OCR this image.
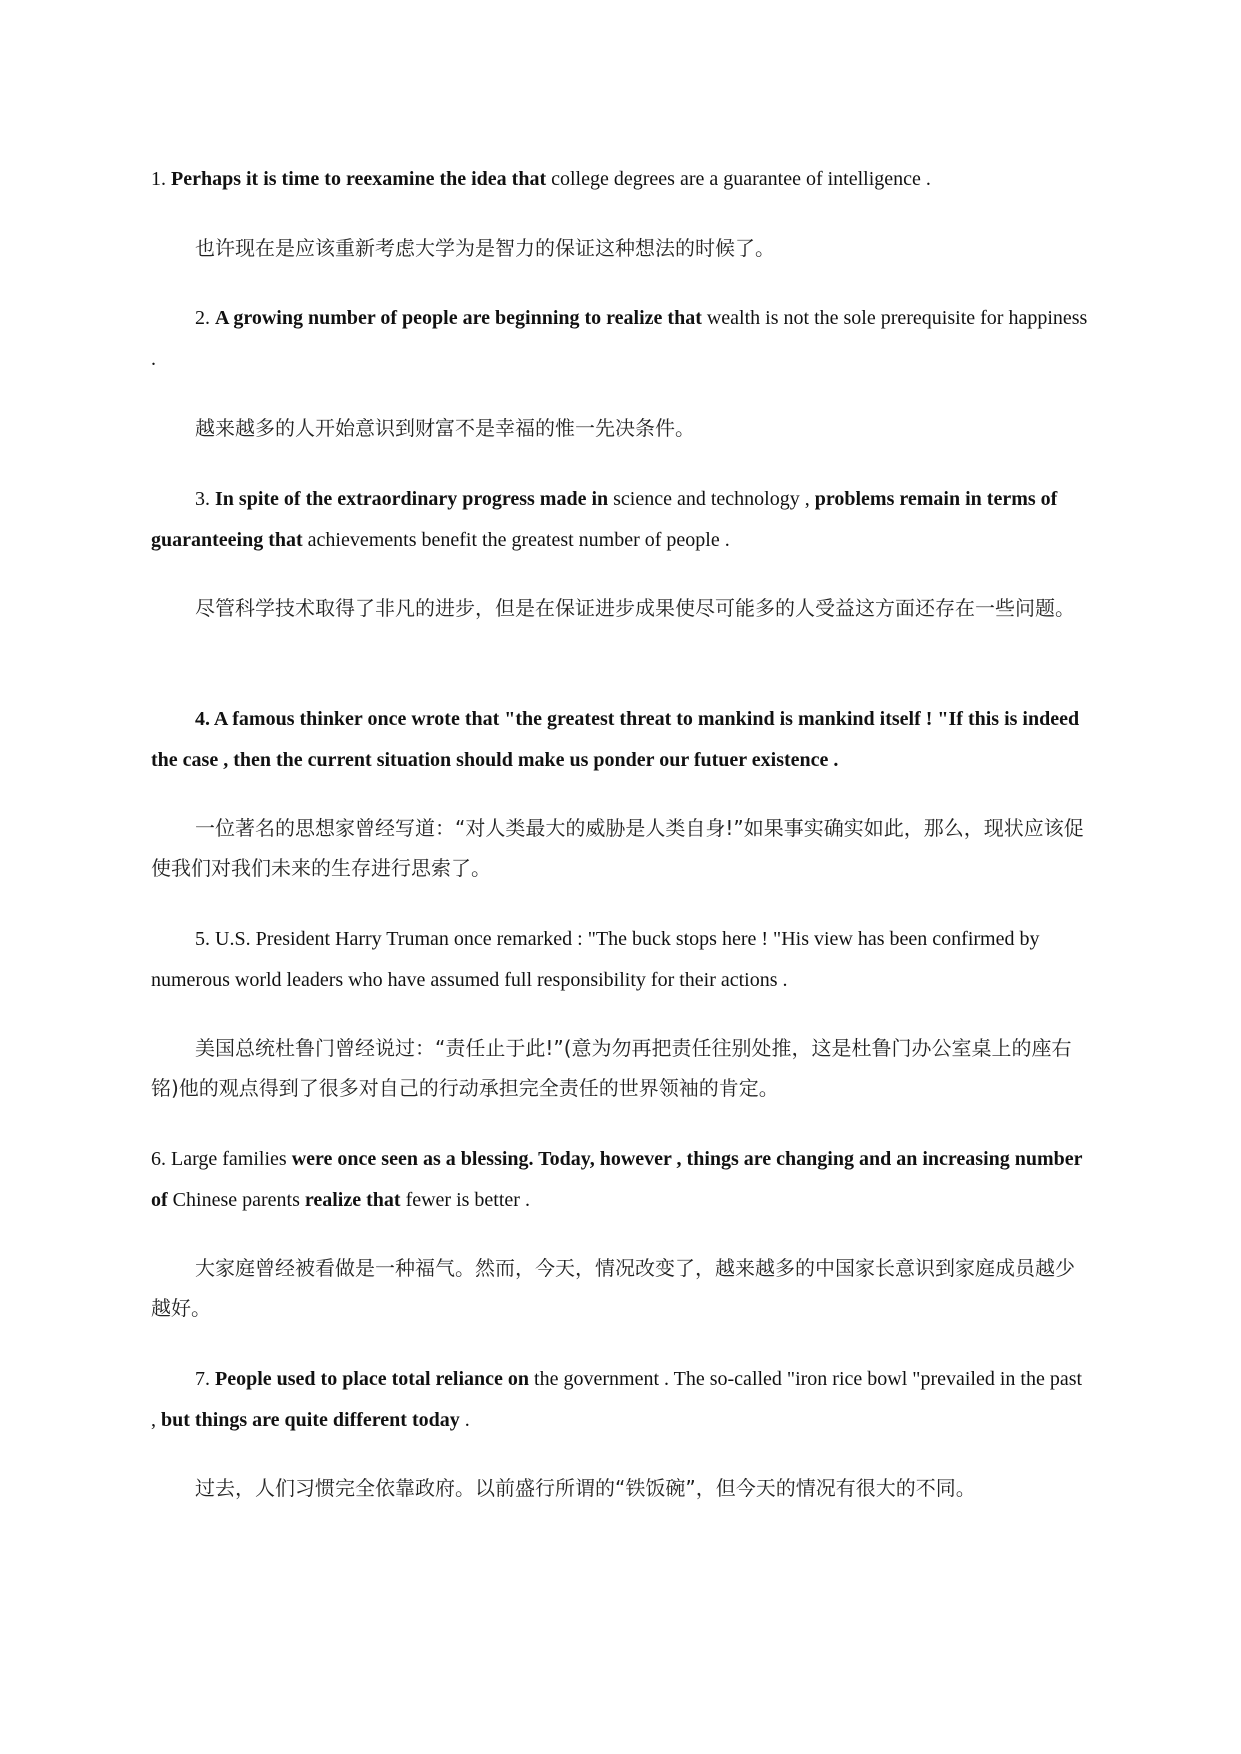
1. Perhaps it is time to reexamine the idea that college degrees are a guarantee of intelligence .

也许现在是应该重新考虑大学为是智力的保证这种想法的时候了。

2. A growing number of people are beginning to realize that wealth is not the sole prerequisite for happiness .

越来越多的人开始意识到财富不是幸福的惟一先决条件。

3. In spite of the extraordinary progress made in science and technology , problems remain in terms of guaranteeing that achievements benefit the greatest number of people .

尽管科学技术取得了非凡的进步，但是在保证进步成果使尽可能多的人受益这方面还存在一些问题。

4. A famous thinker once wrote that "the greatest threat to mankind is mankind itself ! "If this is indeed the case , then the current situation should make us ponder our futuer existence .

一位著名的思想家曾经写道：“对人类最大的威胁是人类自身!”如果事实确实如此，那么，现状应该促使我们对我们未来的生存进行思索了。

5. U.S. President Harry Truman once remarked : "The buck stops here ! "His view has been confirmed by numerous world leaders who have assumed full responsibility for their actions .

美国总统杜鲁门曾经说过：“责任止于此!”(意为勿再把责任往别处推，这是杜鲁门办公室桌上的座右铭)他的观点得到了很多对自己的行动承担完全责任的世界领袖的肯定。

6. Large families were once seen as a blessing. Today, however , things are changing and an increasing number of Chinese parents realize that fewer is better .

大家庭曾经被看做是一种福气。然而，今天，情况改变了，越来越多的中国家长意识到家庭成员越少越好。

7. People used to place total reliance on the government . The so-called "iron rice bowl "prevailed in the past , but things are quite different today .

过去，人们习惯完全依靠政府。以前盛行所谓的“铁饭碗”，但今天的情况有很大的不同。
